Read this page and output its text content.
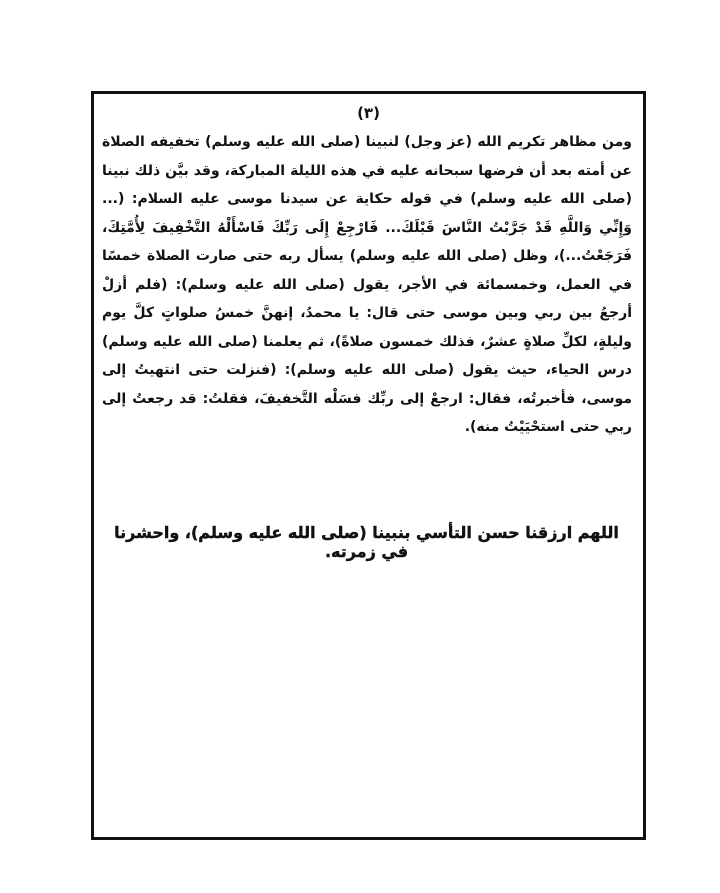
(٣)

ومن مظاهر تكريم الله (عز وجل) لنبينا (صلى الله عليه وسلم) تخفيفه الصلاة عن أمته بعد أن فرضها سبحانه عليه في هذه الليلة المباركة، وقد بيَّن ذلك نبينا (صلى الله عليه وسلم) في قوله حكاية عن سيدنا موسى عليه السلام: (... وَإِنِّي وَاللَّهِ قَدْ جَرَّبْتُ النَّاسَ قَبْلَكَ... فَارْجِعْ إِلَى رَبِّكَ فَاسْأَلْهُ التَّخْفِيفَ لِأُمَّتِكَ، فَرَجَعْتُ...)، وظل (صلى الله عليه وسلم) يسأل ربه حتى صارت الصلاة خمسًا في العمل، وخمسمائة في الأجر، يقول (صلى الله عليه وسلم): (فلم أزلْ أرجعُ بين ربي وبين موسى حتى قال: يا محمدُ، إنهنَّ خمسُ صلواتٍ كلَّ يوم وليلةٍ، لكلِّ صلاةٍ عشرٌ، فذلك خمسون صلاةً)، ثم يعلمنا (صلى الله عليه وسلم) درس الحياء، حيث يقول (صلى الله عليه وسلم): (فنزلت حتى انتهيتُ إلى موسى، فأخبرتُه، فقال: ارجعْ إلى ربِّك فسَلْه التَّخفيفَ، فقلتُ: قد رجعتُ إلى ربي حتى استحْيَيْتُ منه).

اللهم ارزقنا حسن التأسي بنبينا (صلى الله عليه وسلم)، واحشرنا في زمرته.
